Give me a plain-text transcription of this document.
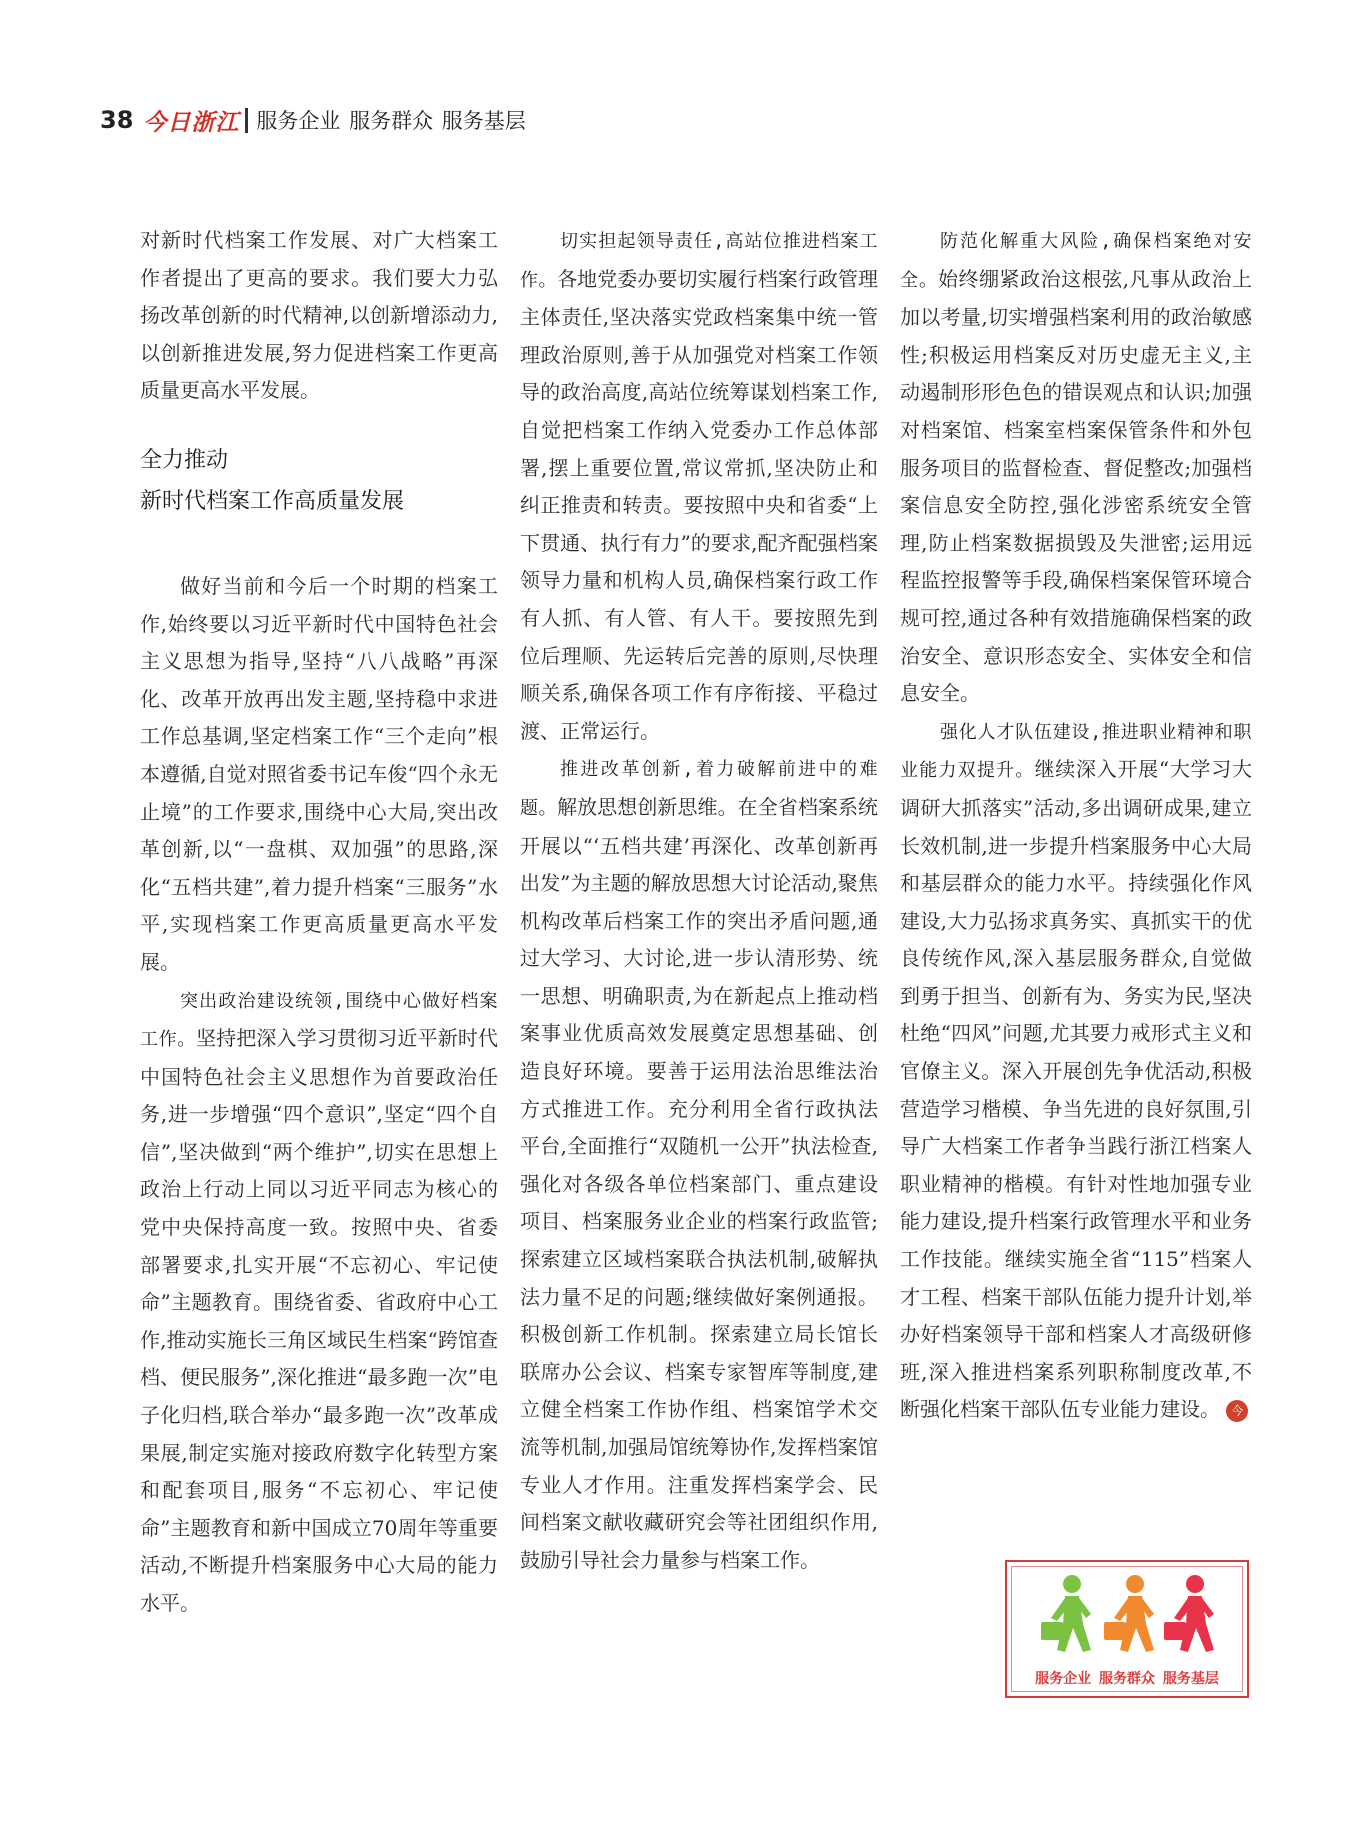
38 今日浙江 服务企业 服务群众 服务基层

对新时代档案工作发展、对广大档案工作者提出了更高的要求。我们要大力弘扬改革创新的时代精神,以创新增添动力,以创新推进发展,努力促进档案工作更高质量更高水平发展。

全力推动
新时代档案工作高质量发展

做好当前和今后一个时期的档案工作,始终要以习近平新时代中国特色社会主义思想为指导,坚持“八八战略”再深化、改革开放再出发主题,坚持稳中求进工作总基调,坚定档案工作“三个走向”根本遵循,自觉对照省委书记车俊“四个永无止境”的工作要求,围绕中心大局,突出改革创新,以“一盘棋、双加强”的思路,深化“五档共建”,着力提升档案“三服务”水平,实现档案工作更高质量更高水平发展。

突出政治建设统领,围绕中心做好档案工作。坚持把深入学习贯彻习近平新时代中国特色社会主义思想作为首要政治任务,进一步增强“四个意识”,坚定“四个自信”,坚决做到“两个维护”,切实在思想上政治上行动上同以习近平同志为核心的党中央保持高度一致。按照中央、省委部署要求,扎实开展“不忘初心、牢记使命”主题教育。围绕省委、省政府中心工作,推动实施长三角区域民生档案“跨馆查档、便民服务”,深化推进“最多跑一次”电子化归档,联合举办“最多跑一次”改革成果展,制定实施对接政府数字化转型方案和配套项目,服务“不忘初心、牢记使命”主题教育和新中国成立70周年等重要活动,不断提升档案服务中心大局的能力水平。

切实担起领导责任,高站位推进档案工作。各地党委办要切实履行档案行政管理主体责任,坚决落实党政档案集中统一管理政治原则,善于从加强党对档案工作领导的政治高度,高站位统筹谋划档案工作,自觉把档案工作纳入党委办工作总体部署,摆上重要位置,常议常抓,坚决防止和纠正推责和转责。要按照中央和省委“上下贯通、执行有力”的要求,配齐配强档案领导力量和机构人员,确保档案行政工作有人抓、有人管、有人干。要按照先到位后理顺、先运转后完善的原则,尽快理顺关系,确保各项工作有序衔接、平稳过渡、正常运行。

推进改革创新,着力破解前进中的难题。解放思想创新思维。在全省档案系统开展以“‘五档共建’再深化、改革创新再出发”为主题的解放思想大讨论活动,聚焦机构改革后档案工作的突出矛盾问题,通过大学习、大讨论,进一步认清形势、统一思想、明确职责,为在新起点上推动档案事业优质高效发展奠定思想基础、创造良好环境。要善于运用法治思维法治方式推进工作。充分利用全省行政执法平台,全面推行“双随机一公开”执法检查,强化对各级各单位档案部门、重点建设项目、档案服务业企业的档案行政监管;探索建立区域档案联合执法机制,破解执法力量不足的问题;继续做好案例通报。积极创新工作机制。探索建立局长馆长联席办公会议、档案专家智库等制度,建立健全档案工作协作组、档案馆学术交流等机制,加强局馆统筹协作,发挥档案馆专业人才作用。注重发挥档案学会、民间档案文献收藏研究会等社团组织作用,鼓励引导社会力量参与档案工作。

防范化解重大风险,确保档案绝对安全。始终绷紧政治这根弦,凡事从政治上加以考量,切实增强档案利用的政治敏感性;积极运用档案反对历史虚无主义,主动遏制形形色色的错误观点和认识;加强对档案馆、档案室档案保管条件和外包服务项目的监督检查、督促整改;加强档案信息安全防控,强化涉密系统安全管理,防止档案数据损毁及失泄密;运用远程监控报警等手段,确保档案保管环境合规可控,通过各种有效措施确保档案的政治安全、意识形态安全、实体安全和信息安全。

强化人才队伍建设,推进职业精神和职业能力双提升。继续深入开展“大学习大调研大抓落实”活动,多出调研成果,建立长效机制,进一步提升档案服务中心大局和基层群众的能力水平。持续强化作风建设,大力弘扬求真务实、真抓实干的优良传统作风,深入基层服务群众,自觉做到勇于担当、创新有为、务实为民,坚决杜绝“四风”问题,尤其要力戒形式主义和官僚主义。深入开展创先争优活动,积极营造学习楷模、争当先进的良好氛围,引导广大档案工作者争当践行浙江档案人职业精神的楷模。有针对性地加强专业能力建设,提升档案行政管理水平和业务工作技能。继续实施全省“115”档案人才工程、档案干部队伍能力提升计划,举办好档案领导干部和档案人才高级研修班,深入推进档案系列职称制度改革,不断强化档案干部队伍专业能力建设。 今

服务企业 服务群众 服务基层
